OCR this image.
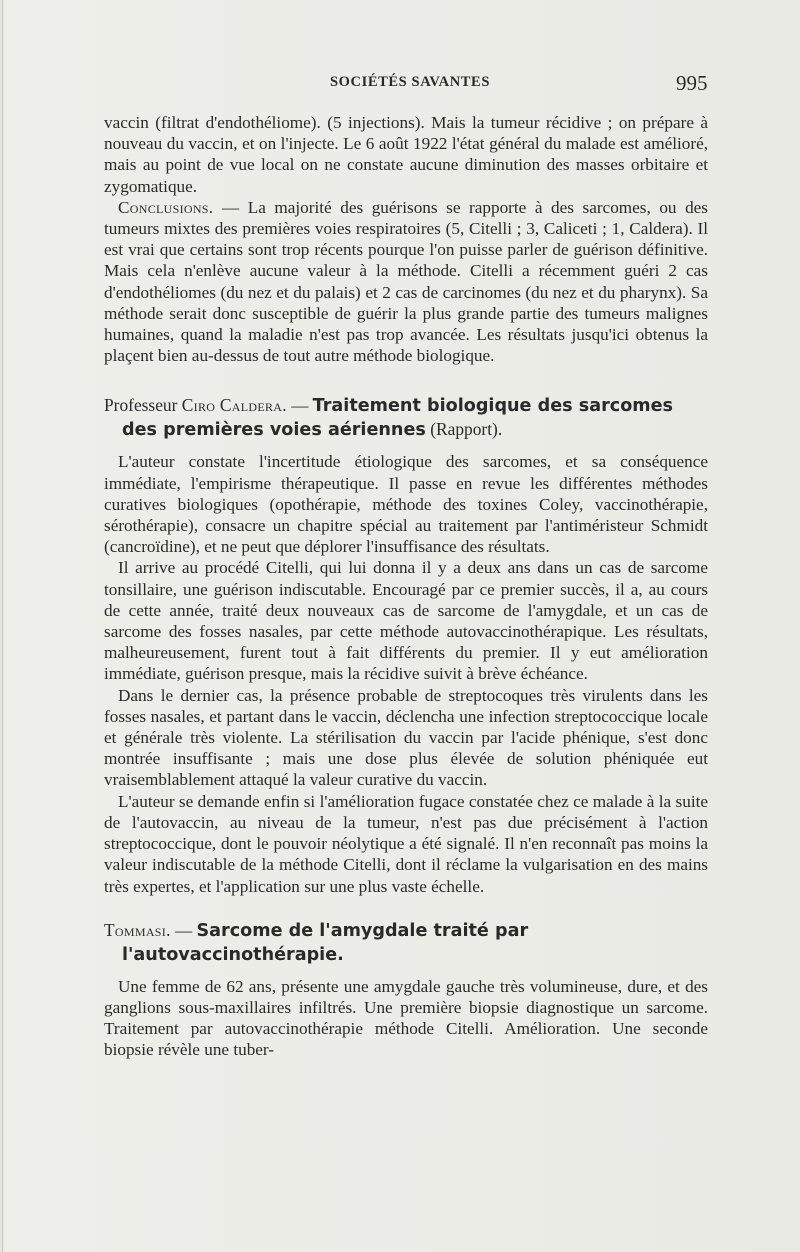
SOCIÉTÉS SAVANTES	995

vaccin (filtrat d'endothéliome). (5 injections). Mais la tumeur récidive ; on prépare à nouveau du vaccin, et on l'injecte. Le 6 août 1922 l'état général du malade est amélioré, mais au point de vue local on ne constate aucune diminution des masses orbitaire et zygomatique.

Conclusions. — La majorité des guérisons se rapporte à des sarcomes, ou des tumeurs mixtes des premières voies respiratoires (5, Citelli ; 3, Caliceti ; 1, Caldera). Il est vrai que certains sont trop récents pourque l'on puisse parler de guérison définitive. Mais cela n'enlève aucune valeur à la méthode. Citelli a récemment guéri 2 cas d'endothéliomes (du nez et du palais) et 2 cas de carcinomes (du nez et du pharynx). Sa méthode serait donc susceptible de guérir la plus grande partie des tumeurs malignes humaines, quand la maladie n'est pas trop avancée. Les résultats jusqu'ici obtenus la plaçent bien au-dessus de tout autre méthode biologique.

Professeur Ciro Caldera. — Traitement biologique des sarcomes des premières voies aériennes (Rapport).

L'auteur constate l'incertitude étiologique des sarcomes, et sa conséquence immédiate, l'empirisme thérapeutique. Il passe en revue les différentes méthodes curatives biologiques (opothérapie, méthode des toxines Coley, vaccinothérapie, sérothérapie), consacre un chapitre spécial au traitement par l'antiméristeur Schmidt (cancroïdine), et ne peut que déplorer l'insuffisance des résultats.

Il arrive au procédé Citelli, qui lui donna il y a deux ans dans un cas de sarcome tonsillaire, une guérison indiscutable. Encouragé par ce premier succès, il a, au cours de cette année, traité deux nouveaux cas de sarcome de l'amygdale, et un cas de sarcome des fosses nasales, par cette méthode autovaccinothérapique. Les résultats, malheureusement, furent tout à fait différents du premier. Il y eut amélioration immédiate, guérison presque, mais la récidive suivit à brève échéance.

Dans le dernier cas, la présence probable de streptocoques très virulents dans les fosses nasales, et partant dans le vaccin, déclencha une infection streptococcique locale et générale très violente. La stérilisation du vaccin par l'acide phénique, s'est donc montrée insuffisante ; mais une dose plus élevée de solution phéniquée eut vraisemblablement attaqué la valeur curative du vaccin.

L'auteur se demande enfin si l'amélioration fugace constatée chez ce malade à la suite de l'autovaccin, au niveau de la tumeur, n'est pas due précisément à l'action streptococcique, dont le pouvoir néolytique a été signalé. Il n'en reconnaît pas moins la valeur indiscutable de la méthode Citelli, dont il réclame la vulgarisation en des mains très expertes, et l'application sur une plus vaste échelle.

Tommasi. — Sarcome de l'amygdale traité par l'autovaccinothérapie.

Une femme de 62 ans, présente une amygdale gauche très volumineuse, dure, et des ganglions sous-maxillaires infiltrés. Une première biopsie diagnostique un sarcome. Traitement par autovaccinothérapie méthode Citelli. Amélioration. Une seconde biopsie révèle une tuber-
